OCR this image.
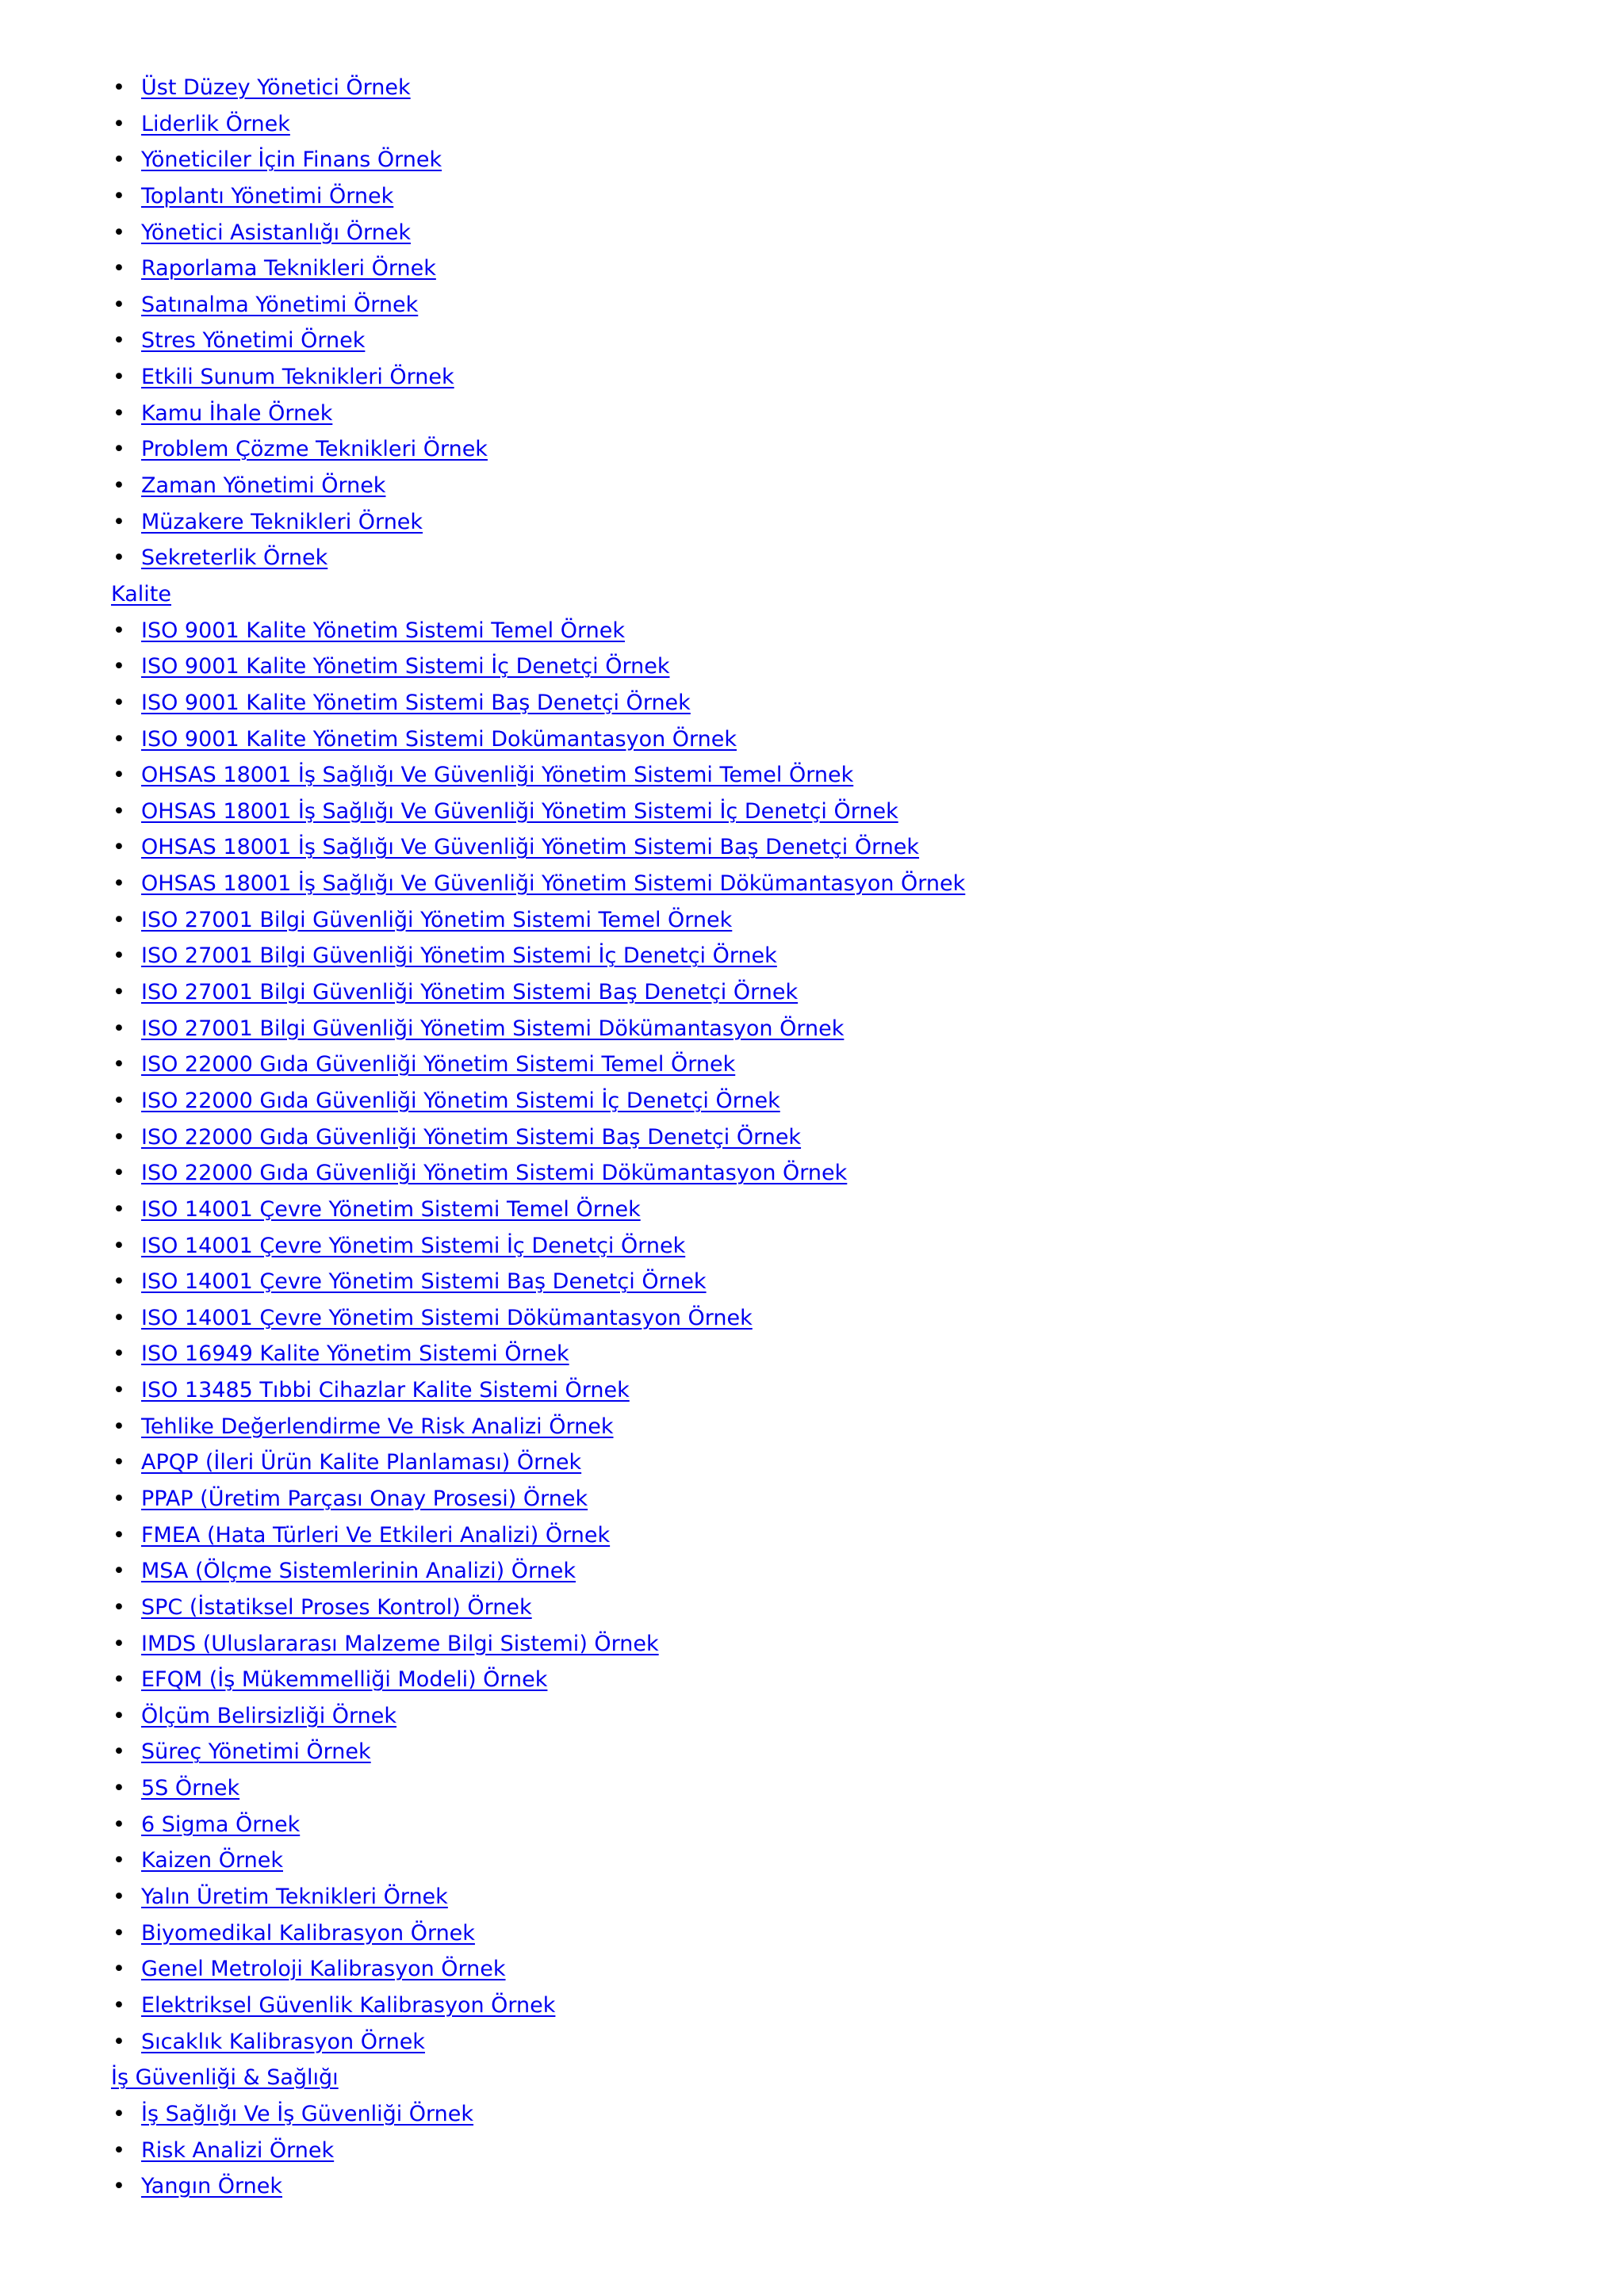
• Üst Düzey Yönetici Örnek
• Liderlik Örnek
• Yöneticiler İçin Finans Örnek
• Toplantı Yönetimi Örnek
• Yönetici Asistanlığı Örnek
• Raporlama Teknikleri Örnek
• Satınalma Yönetimi Örnek
• Stres Yönetimi Örnek
• Etkili Sunum Teknikleri Örnek
• Kamu İhale Örnek
• Problem Çözme Teknikleri Örnek
• Zaman Yönetimi Örnek
• Müzakere Teknikleri Örnek
• Sekreterlik Örnek
Kalite
• ISO 9001 Kalite Yönetim Sistemi Temel Örnek
• ISO 9001 Kalite Yönetim Sistemi İç Denetçi Örnek
• ISO 9001 Kalite Yönetim Sistemi Baş Denetçi Örnek
• ISO 9001 Kalite Yönetim Sistemi Dokümantasyon Örnek
• OHSAS 18001 İş Sağlığı Ve Güvenliği Yönetim Sistemi Temel Örnek
• OHSAS 18001 İş Sağlığı Ve Güvenliği Yönetim Sistemi İç Denetçi Örnek
• OHSAS 18001 İş Sağlığı Ve Güvenliği Yönetim Sistemi Baş Denetçi Örnek
• OHSAS 18001 İş Sağlığı Ve Güvenliği Yönetim Sistemi Dökümantasyon Örnek
• ISO 27001 Bilgi Güvenliği Yönetim Sistemi Temel Örnek
• ISO 27001 Bilgi Güvenliği Yönetim Sistemi İç Denetçi Örnek
• ISO 27001 Bilgi Güvenliği Yönetim Sistemi Baş Denetçi Örnek
• ISO 27001 Bilgi Güvenliği Yönetim Sistemi Dökümantasyon Örnek
• ISO 22000 Gıda Güvenliği Yönetim Sistemi Temel Örnek
• ISO 22000 Gıda Güvenliği Yönetim Sistemi İç Denetçi Örnek
• ISO 22000 Gıda Güvenliği Yönetim Sistemi Baş Denetçi Örnek
• ISO 22000 Gıda Güvenliği Yönetim Sistemi Dökümantasyon Örnek
• ISO 14001 Çevre Yönetim Sistemi Temel Örnek
• ISO 14001 Çevre Yönetim Sistemi İç Denetçi Örnek
• ISO 14001 Çevre Yönetim Sistemi Baş Denetçi Örnek
• ISO 14001 Çevre Yönetim Sistemi Dökümantasyon Örnek
• ISO 16949 Kalite Yönetim Sistemi Örnek
• ISO 13485 Tıbbi Cihazlar Kalite Sistemi Örnek
• Tehlike Değerlendirme Ve Risk Analizi Örnek
• APQP (İleri Ürün Kalite Planlaması) Örnek
• PPAP (Üretim Parçası Onay Prosesi) Örnek
• FMEA (Hata Türleri Ve Etkileri Analizi) Örnek
• MSA (Ölçme Sistemlerinin Analizi) Örnek
• SPC (İstatiksel Proses Kontrol) Örnek
• IMDS (Uluslararası Malzeme Bilgi Sistemi) Örnek
• EFQM (İş Mükemmelliği Modeli) Örnek
• Ölçüm Belirsizliği Örnek
• Süreç Yönetimi Örnek
• 5S Örnek
• 6 Sigma Örnek
• Kaizen Örnek
• Yalın Üretim Teknikleri Örnek
• Biyomedikal Kalibrasyon Örnek
• Genel Metroloji Kalibrasyon Örnek
• Elektriksel Güvenlik Kalibrasyon Örnek
• Sıcaklık Kalibrasyon Örnek
İş Güvenliği & Sağlığı
• İş Sağlığı Ve İş Güvenliği Örnek
• Risk Analizi Örnek
• Yangın Örnek
